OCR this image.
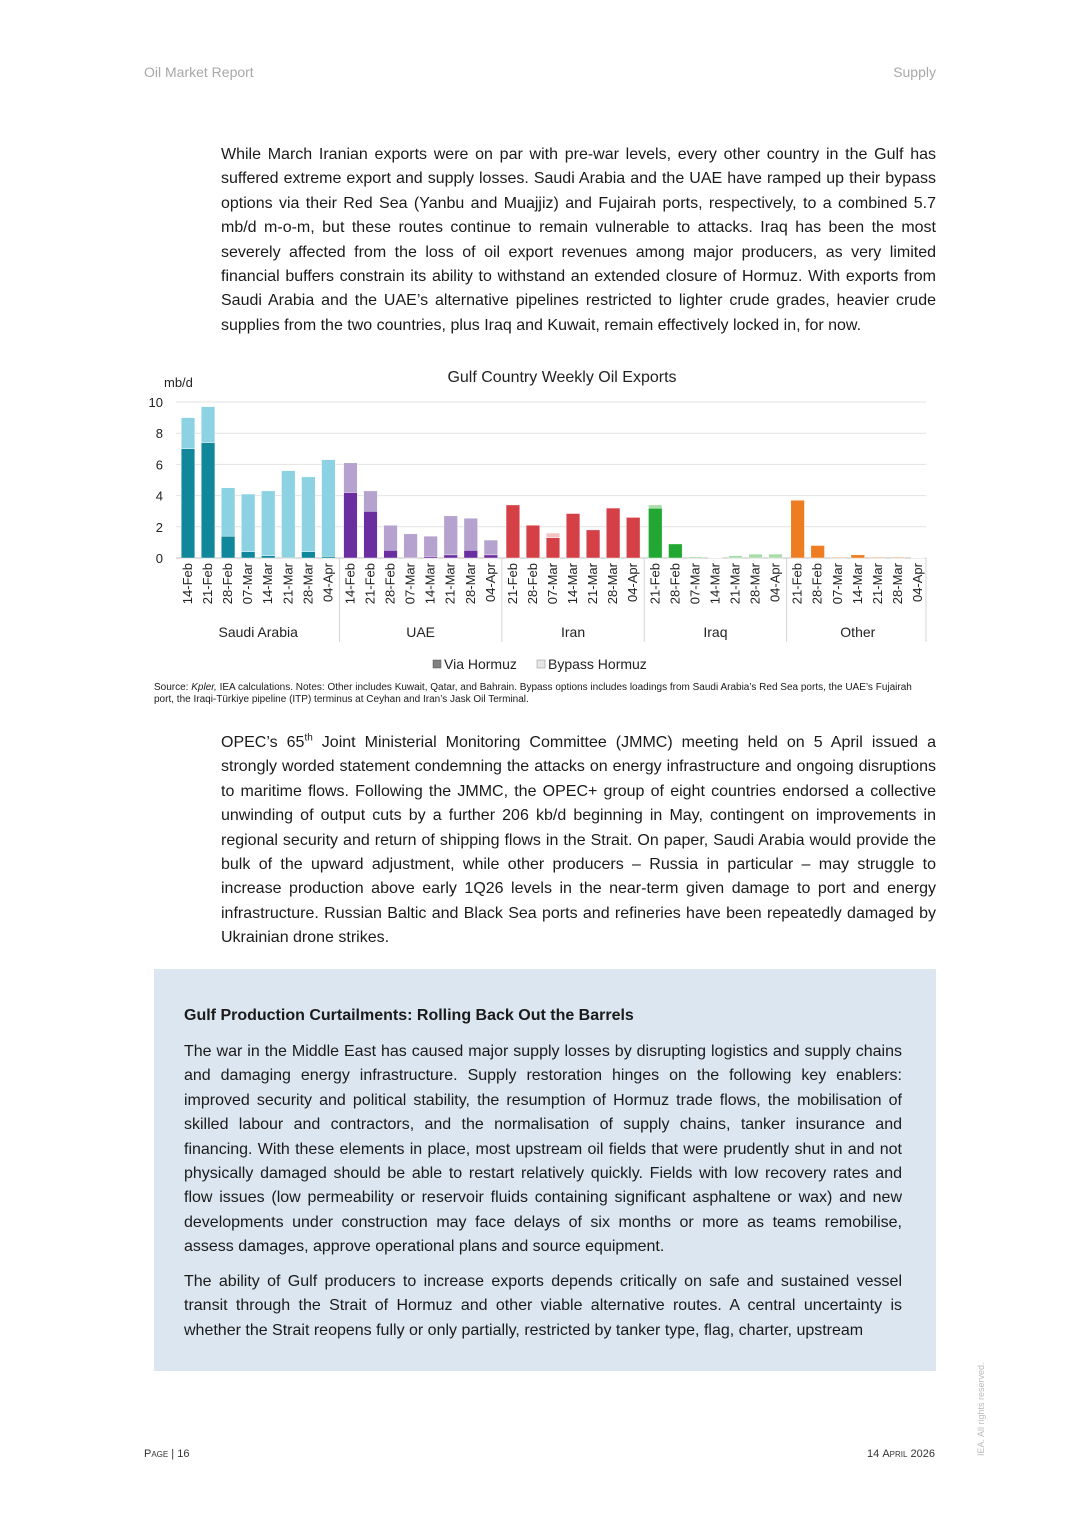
Oil Market Report	Supply

While March Iranian exports were on par with pre-war levels, every other country in the Gulf has suffered extreme export and supply losses. Saudi Arabia and the UAE have ramped up their bypass options via their Red Sea (Yanbu and Muajjiz) and Fujairah ports, respectively, to a combined 5.7 mb/d m-o-m, but these routes continue to remain vulnerable to attacks. Iraq has been the most severely affected from the loss of oil export revenues among major producers, as very limited financial buffers constrain its ability to withstand an extended closure of Hormuz. With exports from Saudi Arabia and the UAE’s alternative pipelines restricted to lighter crude grades, heavier crude supplies from the two countries, plus Iraq and Kuwait, remain effectively locked in, for now.

Gulf Country Weekly Oil Exports
mb/d
0
2
4
6
8
10
14-Feb 21-Feb 28-Feb 07-Mar 14-Mar 21-Mar 28-Mar 04-Apr
Saudi Arabia
14-Feb 21-Feb 28-Feb 07-Mar 14-Mar 21-Mar 28-Mar 04-Apr
UAE
21-Feb 28-Feb 07-Mar 14-Mar 21-Mar 28-Mar 04-Apr
Iran
21-Feb 28-Feb 07-Mar 14-Mar 21-Mar 28-Mar 04-Apr
Iraq
21-Feb 28-Feb 07-Mar 14-Mar 21-Mar 28-Mar 04-Apr
Other
Via Hormuz Bypass Hormuz

Source: Kpler, IEA calculations. Notes: Other includes Kuwait, Qatar, and Bahrain. Bypass options includes loadings from Saudi Arabia’s Red Sea ports, the UAE’s Fujairah port, the Iraqi-Türkiye pipeline (ITP) terminus at Ceyhan and Iran’s Jask Oil Terminal.

OPEC’s 65th Joint Ministerial Monitoring Committee (JMMC) meeting held on 5 April issued a strongly worded statement condemning the attacks on energy infrastructure and ongoing disruptions to maritime flows. Following the JMMC, the OPEC+ group of eight countries endorsed a collective unwinding of output cuts by a further 206 kb/d beginning in May, contingent on improvements in regional security and return of shipping flows in the Strait. On paper, Saudi Arabia would provide the bulk of the upward adjustment, while other producers – Russia in particular – may struggle to increase production above early 1Q26 levels in the near-term given damage to port and energy infrastructure. Russian Baltic and Black Sea ports and refineries have been repeatedly damaged by Ukrainian drone strikes.

Gulf Production Curtailments: Rolling Back Out the Barrels

The war in the Middle East has caused major supply losses by disrupting logistics and supply chains and damaging energy infrastructure. Supply restoration hinges on the following key enablers: improved security and political stability, the resumption of Hormuz trade flows, the mobilisation of skilled labour and contractors, and the normalisation of supply chains, tanker insurance and financing. With these elements in place, most upstream oil fields that were prudently shut in and not physically damaged should be able to restart relatively quickly. Fields with low recovery rates and flow issues (low permeability or reservoir fluids containing significant asphaltene or wax) and new developments under construction may face delays of six months or more as teams remobilise, assess damages, approve operational plans and source equipment.

The ability of Gulf producers to increase exports depends critically on safe and sustained vessel transit through the Strait of Hormuz and other viable alternative routes. A central uncertainty is whether the Strait reopens fully or only partially, restricted by tanker type, flag, charter, upstream

Page | 16	14 April 2026	IEA. All rights reserved.
